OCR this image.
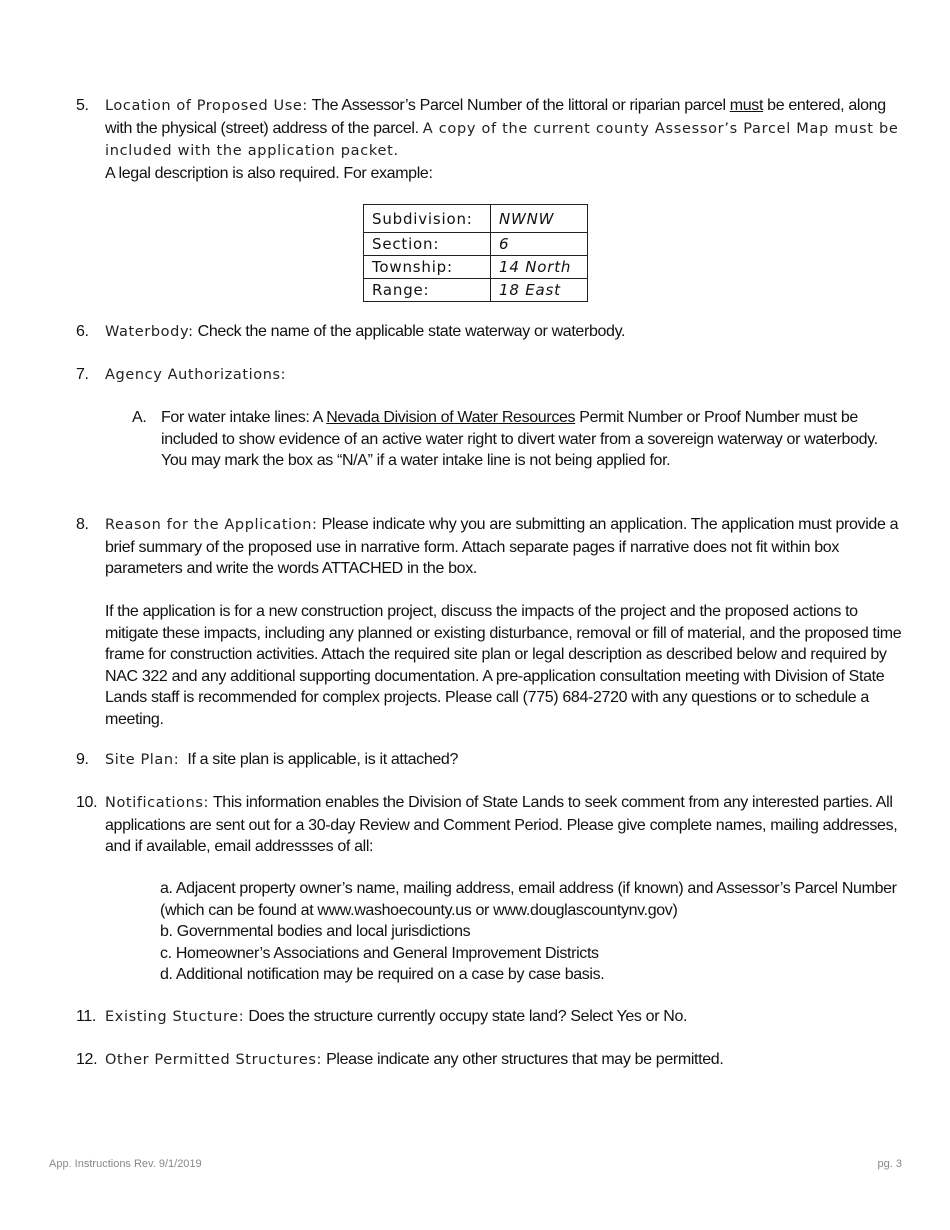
5. Location of Proposed Use: The Assessor’s Parcel Number of the littoral or riparian parcel must be entered, along with the physical (street) address of the parcel. A copy of the current county Assessor’s Parcel Map must be included with the application packet.
A legal description is also required. For example:
Subdivision:	NWNW
Section:	6
Township:	14 North
Range:	18 East
6. Waterbody: Check the name of the applicable state waterway or waterbody.
7. Agency Authorizations:
A. For water intake lines: A Nevada Division of Water Resources Permit Number or Proof Number must be included to show evidence of an active water right to divert water from a sovereign waterway or waterbody. You may mark the box as “N/A” if a water intake line is not being applied for.
8. Reason for the Application: Please indicate why you are submitting an application. The application must provide a brief summary of the proposed use in narrative form. Attach separate pages if narrative does not fit within box parameters and write the words ATTACHED in the box.
If the application is for a new construction project, discuss the impacts of the project and the proposed actions to mitigate these impacts, including any planned or existing disturbance, removal or fill of material, and the proposed time frame for construction activities. Attach the required site plan or legal description as described below and required by NAC 322 and any additional supporting documentation. A pre-application consultation meeting with Division of State Lands staff is recommended for complex projects. Please call (775) 684-2720 with any questions or to schedule a meeting.
9. Site Plan:  If a site plan is applicable, is it attached?
10. Notifications: This information enables the Division of State Lands to seek comment from any interested parties. All applications are sent out for a 30-day Review and Comment Period. Please give complete names, mailing addresses, and if available, email addressses of all:
a. Adjacent property owner’s name, mailing address, email address (if known) and Assessor’s Parcel Number (which can be found at www.washoecounty.us or www.douglascountynv.gov)
b. Governmental bodies and local jurisdictions
c. Homeowner’s Associations and General Improvement Districts
d. Additional notification may be required on a case by case basis.
11. Existing Stucture: Does the structure currently occupy state land? Select Yes or No.
12. Other Permitted Structures: Please indicate any other structures that may be permitted.
App. Instructions Rev. 9/1/2019	pg. 3
